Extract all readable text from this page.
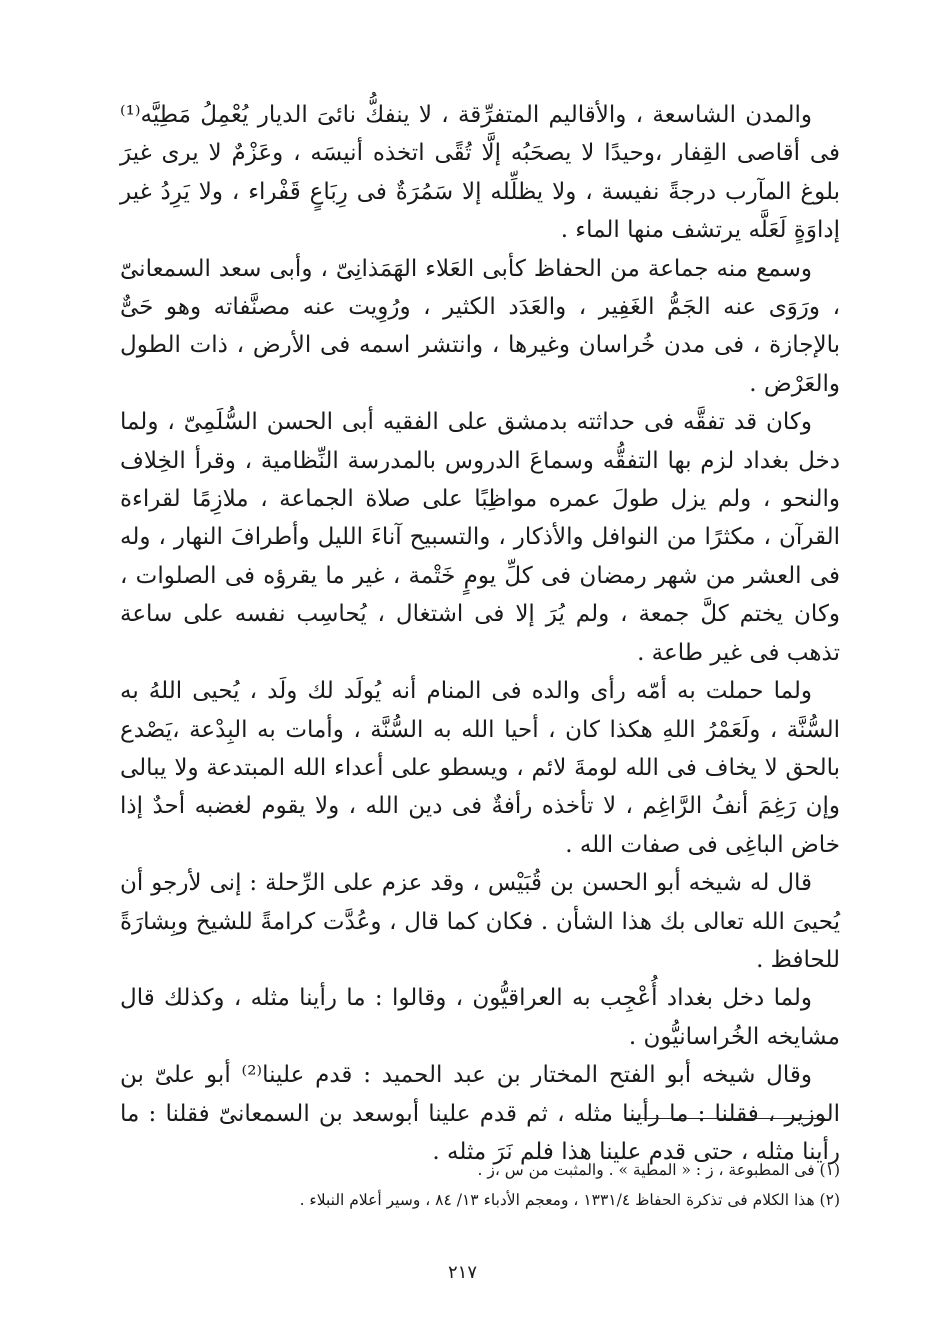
والمدن الشاسعة ، والأقاليم المتفرِّقة ، لا ينفكُّ نائىَ الديار يُعْمِلُ مَطِيَّه⁽¹⁾ فى أقاصى القِفار ،وحيدًا لا يصحَبُه إلَّا تُقًى اتخذه أنيسَه ، وعَزْمٌ لا يرى غيرَ بلوغ المآرب درجةً نفيسة ، ولا يظلِّله إلا سَمُرَةٌ فى رِبَاعٍ قَفْراء ، ولا يَرِدُ غير إداوَةٍ لَعَلَّه يرتشف منها الماء .

وسمع منه جماعة من الحفاظ كأبى العَلاء الهَمَذانِىّ ، وأبى سعد السمعانىّ ، ورَوَى عنه الجَمُّ الغَفِير ، والعَدَد الكثير ، ورُوِيت عنه مصنَّفاته وهو حَىٌّ بالإجازة ، فى مدن خُراسان وغيرها ، وانتشر اسمه فى الأرض ، ذات الطول والعَرْض .

وكان قد تفقَّه فى حداثته بدمشق على الفقيه أبى الحسن السُّلَمِىّ ، ولما دخل بغداد لزم بها التفقُّه وسماعَ الدروس بالمدرسة النِّظامية ، وقرأ الخِلاف والنحو ، ولم يزل طولَ عمره مواظِبًا على صلاة الجماعة ، ملازِمًا لقراءة القرآن ، مكثرًا من النوافل والأذكار ، والتسبيح آناءَ الليل وأطرافَ النهار ، وله فى العشر من شهر رمضان فى كلِّ يومٍ خَتْمة ، غير ما يقرؤه فى الصلوات ، وكان يختم كلَّ جمعة ، ولم يُرَ إلا فى اشتغال ، يُحاسِب نفسه على ساعة تذهب فى غير طاعة .

ولما حملت به أمّه رأى والده فى المنام أنه يُولَد لك ولَد ، يُحيى اللهُ به السُّنَّة ، ولَعَمْرُ اللهِ هكذا كان ، أحيا الله به السُّنَّة ، وأمات به البِدْعة ،يَصْدع بالحق لا يخاف فى الله لومةَ لائم ، ويسطو على أعداء الله المبتدعة ولا يبالى وإن رَغِمَ أنفُ الرَّاغِم ، لا تأخذه رأفةٌ فى دين الله ، ولا يقوم لغضبه أحدٌ إذا خاض الباغِى فى صفات الله .

قال له شيخه أبو الحسن بن قُبَيْس ، وقد عزم على الرِّحلة : إنى لأرجو أن يُحيىَ الله تعالى بك هذا الشأن . فكان كما قال ، وعُدَّت كرامةً للشيخ وبِشارَةً للحافظ .

ولما دخل بغداد أُعْجِب به العراقيُّون ، وقالوا : ما رأينا مثله ، وكذلك قال مشايخه الخُراسانيُّون .

وقال شيخه أبو الفتح المختار بن عبد الحميد : قدم علينا⁽²⁾ أبو علىّ بن الوزير ، فقلنا : ما رأينا مثله ، ثم قدم علينا أبوسعد بن السمعانىّ فقلنا : ما رأينا مثله ، حتى قدم علينا هذا فلم نَرَ مثله .

(١) فى المطبوعة ، ز : « المطية » . والمثبت من س ،ز .

(٢) هذا الكلام فى تذكرة الحفاظ ١٣٣١/٤ ، ومعجم الأدباء ١٣/ ٨٤ ، وسير أعلام النبلاء .

٢١٧
